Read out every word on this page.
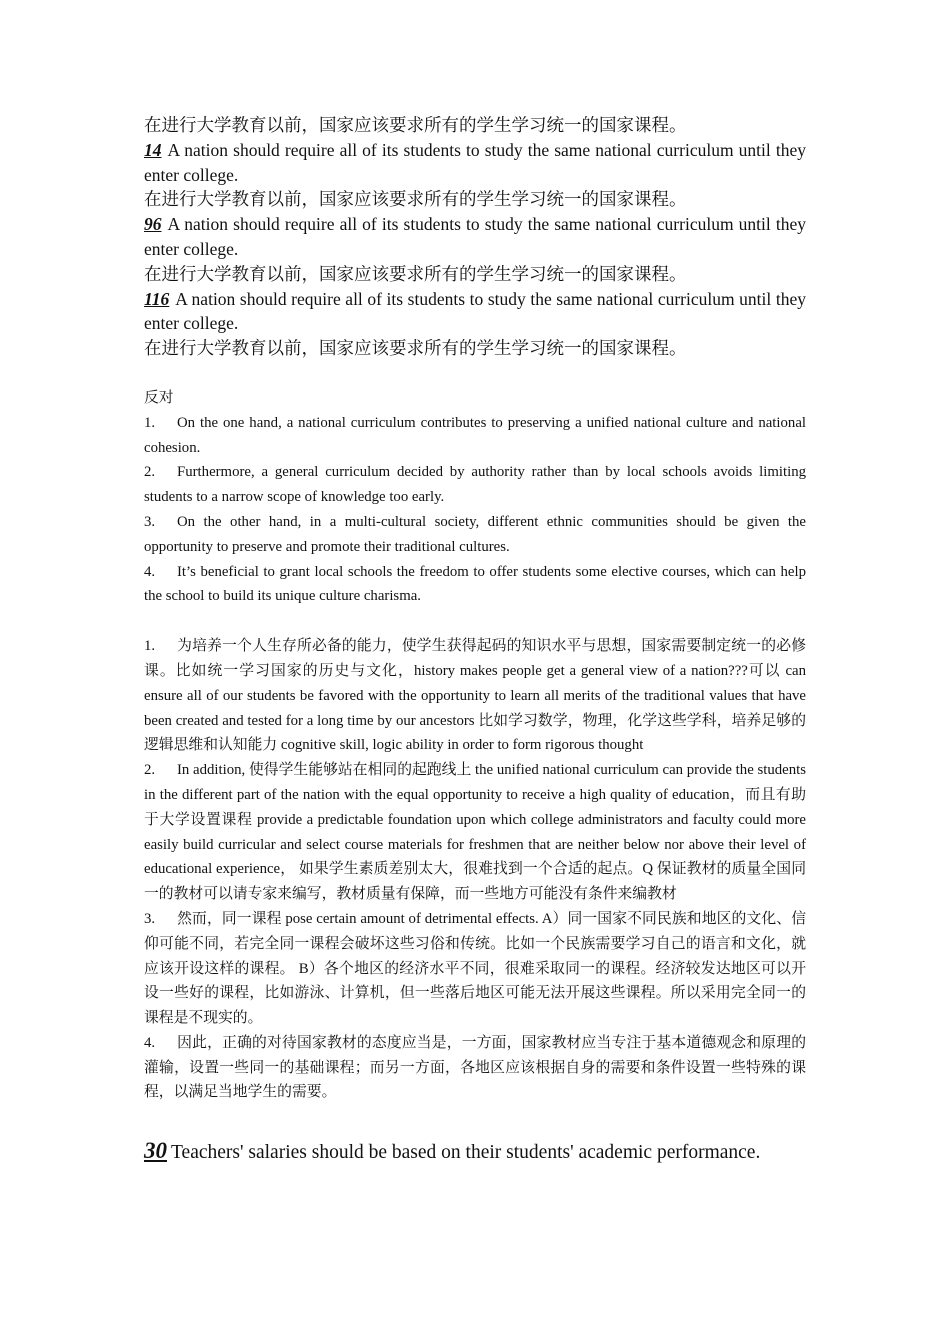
在进行大学教育以前，国家应该要求所有的学生学习统一的国家课程。

14 A nation should require all of its students to study the same national curriculum until they enter college.

在进行大学教育以前，国家应该要求所有的学生学习统一的国家课程。

96 A nation should require all of its students to study the same national curriculum until they enter college.

在进行大学教育以前，国家应该要求所有的学生学习统一的国家课程。

116 A nation should require all of its students to study the same national curriculum until they enter college.

在进行大学教育以前，国家应该要求所有的学生学习统一的国家课程。

反对

1. On the one hand, a national curriculum contributes to preserving a unified national culture and national cohesion.

2. Furthermore, a general curriculum decided by authority rather than by local schools avoids limiting students to a narrow scope of knowledge too early.

3. On the other hand, in a multi-cultural society, different ethnic communities should be given the opportunity to preserve and promote their traditional cultures.

4. It’s beneficial to grant local schools the freedom to offer students some elective courses, which can help the school to build its unique culture charisma.

1. 为培养一个人生存所必备的能力，使学生获得起码的知识水平与思想，国家需要制定统一的必修课。比如统一学习国家的历史与文化，history makes people get a general view of a nation???可以 can ensure all of our students be favored with the opportunity to learn all merits of the traditional values that have been created and tested for a long time by our ancestors 比如学习数学，物理，化学这些学科，培养足够的逻辑思维和认知能力 cognitive skill, logic ability in order to form rigorous thought

2. In addition, 使得学生能够站在相同的起跑线上 the unified national curriculum can provide the students in the different part of the nation with the equal opportunity to receive a high quality of education，而且有助于大学设置课程 provide a predictable foundation upon which college administrators and faculty could more easily build curricular and select course materials for freshmen that are neither below nor above their level of educational experience， 如果学生素质差别太大，很难找到一个合适的起点。Q 保证教材的质量全国同一的教材可以请专家来编写，教材质量有保障，而一些地方可能没有条件来编教材

3. 然而，同一课程 pose certain amount of detrimental effects. A）同一国家不同民族和地区的文化、信仰可能不同，若完全同一课程会破坏这些习俗和传统。比如一个民族需要学习自己的语言和文化，就应该开设这样的课程。 B）各个地区的经济水平不同，很难采取同一的课程。经济较发达地区可以开设一些好的课程，比如游泳、计算机，但一些落后地区可能无法开展这些课程。所以采用完全同一的课程是不现实的。

4. 因此，正确的对待国家教材的态度应当是，一方面，国家教材应当专注于基本道德观念和原理的灌输，设置一些同一的基础课程；而另一方面，各地区应该根据自身的需要和条件设置一些特殊的课程，以满足当地学生的需要。

30 Teachers' salaries should be based on their students' academic performance.
